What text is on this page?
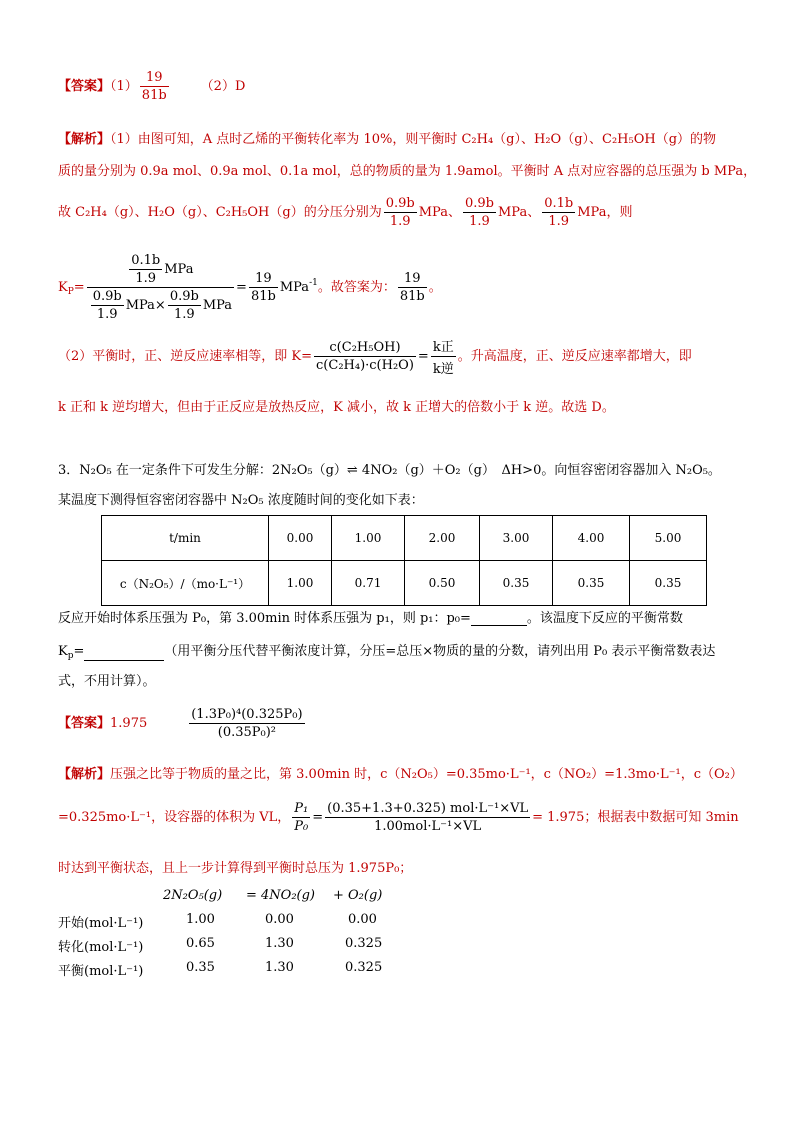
【答案】$(1) \frac{19}{81b} (2)D$
【解析】（1）由图可知，A 点时乙烯的平衡转化率为 10%，则平衡时 C₂H₄（g）、H₂O（g）、C₂H₅OH（g）的物
质的量分别为 0.9a mol、0.9a mol、0.1a mol，总的物质的量为 1.9amol。平衡时 A 点对应容器的总压强为 b MPa，
故 C₂H₄（g）、H₂O（g）、C₂H₅OH（g）的分压分别为 $\frac{0.9b}{1.9}$ MPa、 $\frac{0.9b}{1.9}$ MPa、 $\frac{0.1b}{1.9}$ MPa，则
$K_P= \frac{\frac{0.1b}{1.9} MPa}{\frac{0.9b}{1.9} MPa\times \frac{0.9b}{1.9} MPa} = \frac{19}{81b} MPa^{-1}$。故答案为： $\frac{19}{81b}$ 。
（2）平衡时，正、逆反应速率相等，即 $K= \frac{\text{c(C₂H₅OH)}}{\text{c(C₂H₄)·c(H₂O)}} = \frac{\text{k正}}{\text{k逆}}$ 。升高温度，正、逆反应速率都增大，即
k 正和 k 逆均增大，但由于正反应是放热反应，K 减小，故 k 正增大的倍数小于 k 逆。故选 D。
3．N₂O₅ 在一定条件下可发生分解：2N₂O₅（g）⇌ 4NO₂（g）＋O₂（g）　ΔH>0。向恒容密闭容器加入 N₂O₅。
某温度下测得恒容密闭容器中 N₂O₅ 浓度随时间的变化如下表：
t/min	0.00	1.00	2.00	3.00	4.00	5.00
c（N₂O₅）/（mo·L⁻¹）	1.00	0.71	0.50	0.35	0.35	0.35
反应开始时体系压强为 P₀，第 3.00min 时体系压强为 p₁，则 p₁：p₀=	。该温度下反应的平衡常数
$K_p=$	（用平衡分压代替平衡浓度计算，分压=总压×物质的量的分数，请列出用 P₀ 表示平衡常数表达
式，不用计算）。
【答案】1.975	$\frac{\text{(1.3P₀)⁴(0.325P₀)}}{\text{(0.35P₀)²}}$
【解析】压强之比等于物质的量之比，第 3.00min 时，c（N₂O₅）=0.35mo·L⁻¹，c（NO₂）=1.3mo·L⁻¹，c（O₂）
=0.325mo·L⁻¹，设容器的体积为 VL， $\frac{\text{P₁}}{\text{P₀}} = \frac{\text{(0.35+1.3+0.325) mol·L⁻¹×VL}}{\text{1.00mol·L⁻¹×VL}} = 1.975$；根据表中数据可知 3min
时达到平衡状态，且上一步计算得到平衡时总压为 1.975P₀；
2N₂O₅(g) = 4NO₂(g) + O₂(g)
开始(mol·L⁻¹)	1.00	0.00	0.00
转化(mol·L⁻¹)	0.65	1.30	0.325
平衡(mol·L⁻¹)	0.35	1.30	0.325
